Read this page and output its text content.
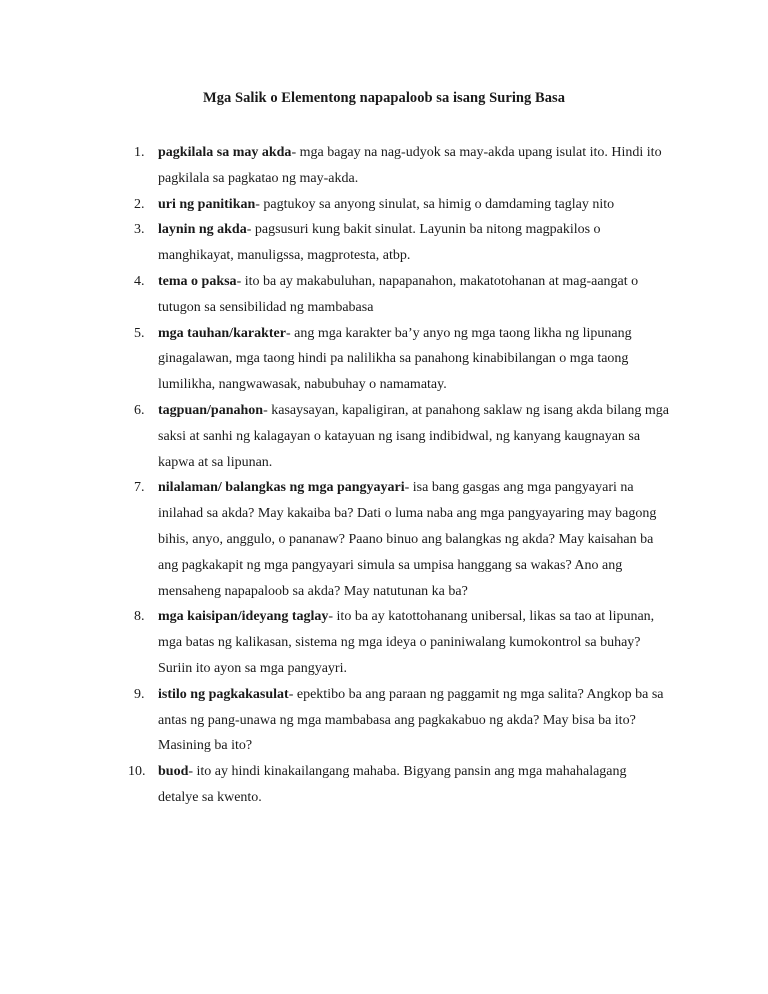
Mga Salik o Elementong napapaloob sa isang Suring Basa
1. pagkilala sa may akda- mga bagay na nag-udyok sa may-akda upang isulat ito. Hindi ito pagkilala sa pagkatao ng may-akda.
2. uri ng panitikan- pagtukoy sa anyong sinulat, sa himig o damdaming taglay nito
3. laynin ng akda- pagsusuri kung bakit sinulat. Layunin ba nitong magpakilos o manghikayat, manuligssa, magprotesta, atbp.
4. tema o paksa- ito ba ay makabuluhan, napapanahon, makatotohanan at mag-aangat o tutugon sa sensibilidad ng mambabasa
5. mga tauhan/karakter- ang mga karakter ba’y anyo ng mga taong likha ng lipunang ginagalawan, mga taong hindi pa nalilikha sa panahong kinabibilangan o mga taong lumilikha, nangwawasak, nabubuhay o namamatay.
6. tagpuan/panahon- kasaysayan, kapaligiran, at panahong saklaw ng isang akda bilang mga saksi at sanhi ng kalagayan o katayuan ng isang indibidwal, ng kanyang kaugnayan sa kapwa at sa lipunan.
7. nilalaman/ balangkas ng mga pangyayari- isa bang gasgas ang mga pangyayari na inilahad sa akda? May kakaiba ba? Dati o luma naba ang mga pangyayaring may bagong bihis, anyo, anggulo, o pananaw? Paano binuo ang balangkas ng akda? May kaisahan ba ang pagkakapit ng mga pangyayari simula sa umpisa hanggang sa wakas? Ano ang mensaheng napapaloob sa akda? May natutunan ka ba?
8. mga kaisipan/ideyang taglay- ito ba ay katottohanang unibersal, likas sa tao at lipunan, mga batas ng kalikasan, sistema ng mga ideya o paniniwalang kumokontrol sa buhay? Suriin ito ayon sa mga pangyayri.
9. istilo ng pagkakasulat- epektibo ba ang paraan ng paggamit ng mga salita? Angkop ba sa antas ng pang-unawa ng mga mambabasa ang pagkakabuo ng akda? May bisa ba ito? Masining ba ito?
10. buod- ito ay hindi kinakailangang mahaba. Bigyang pansin ang mga mahahalagang detalye sa kwento.
